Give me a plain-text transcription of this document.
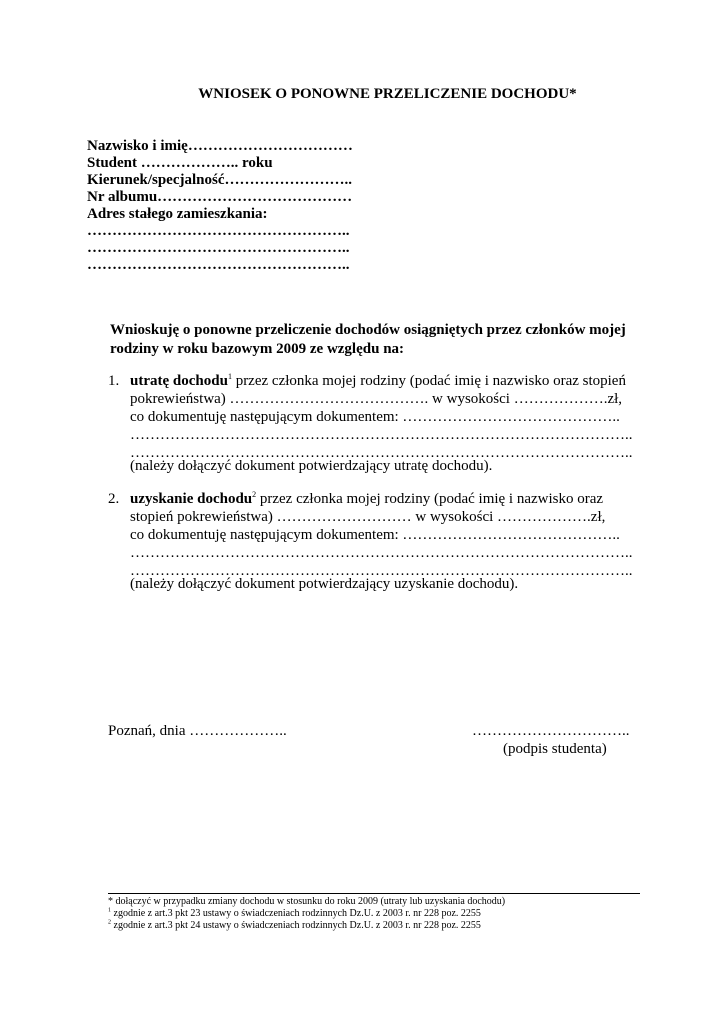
WNIOSEK O PONOWNE PRZELICZENIE DOCHODU*
Nazwisko i imię……………………………
Student ……………….. roku
Kierunek/specjalność……………………..
Nr albumu…………………………………
Adres stałego zamieszkania:
……………………………………………..
……………………………………………..
……………………………………………..
Wnioskuję o ponowne przeliczenie dochodów osiągniętych przez członków mojej
rodziny w roku bazowym 2009 ze względu na:
1. utratę dochodu$^1$ przez członka mojej rodziny (podać imię i nazwisko oraz stopień
pokrewieństwa) …………………………………. w wysokości ……………….zł,
co dokumentuję następującym dokumentem: ……………………………………..
………………………………………………………………………………………..
………………………………………………………………………………………..
(należy dołączyć dokument potwierdzający utratę dochodu).
2. uzyskanie dochodu$^2$ przez członka mojej rodziny (podać imię i nazwisko oraz
stopień pokrewieństwa) ……………………… w wysokości ……………….zł,
co dokumentuję następującym dokumentem: ……………………………………..
………………………………………………………………………………………..
………………………………………………………………………………………..
(należy dołączyć dokument potwierdzający uzyskanie dochodu).
Poznań, dnia ………………..	…………………………..
(podpis studenta)
* dołączyć w przypadku zmiany dochodu w stosunku do roku 2009 (utraty lub uzyskania dochodu)
$^1$ zgodnie z art.3 pkt 23 ustawy o świadczeniach rodzinnych Dz.U. z 2003 r. nr 228 poz. 2255
$^2$ zgodnie z art.3 pkt 24 ustawy o świadczeniach rodzinnych Dz.U. z 2003 r. nr 228 poz. 2255
